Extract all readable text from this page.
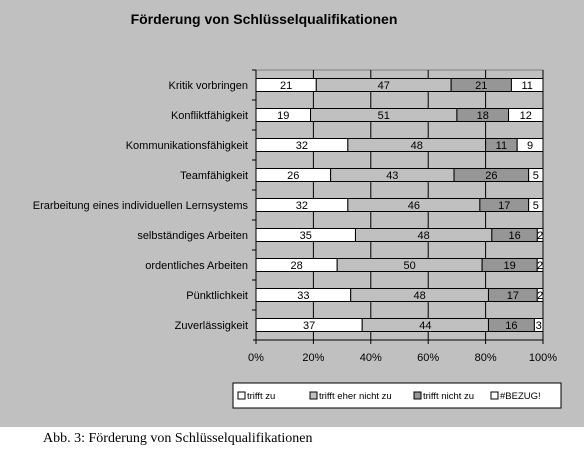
Förderung von Schlüsselqualifikationen
0%	20%	40%	60%	80%	100%
Kritik vorbringen	21	47	21	11
Konfliktfähigkeit	19	51	18	12
Kommunikationsfähigkeit	32	48	11 9
Teamfähigkeit	26	43	26	5
Erarbeitung eines individuellen Lernsystems	32	46	17 5
selbständiges Arbeiten	35	48	16 2
ordentliches Arbeiten	28	50	19 2
Pünktlichkeit	33	48	17 2
Zuverlässigkeit	37	44	16 3
trifft zu	trifft eher nicht zu	trifft nicht zu	#BEZUG!

Abb. 3: Förderung von Schlüsselqualifikationen
